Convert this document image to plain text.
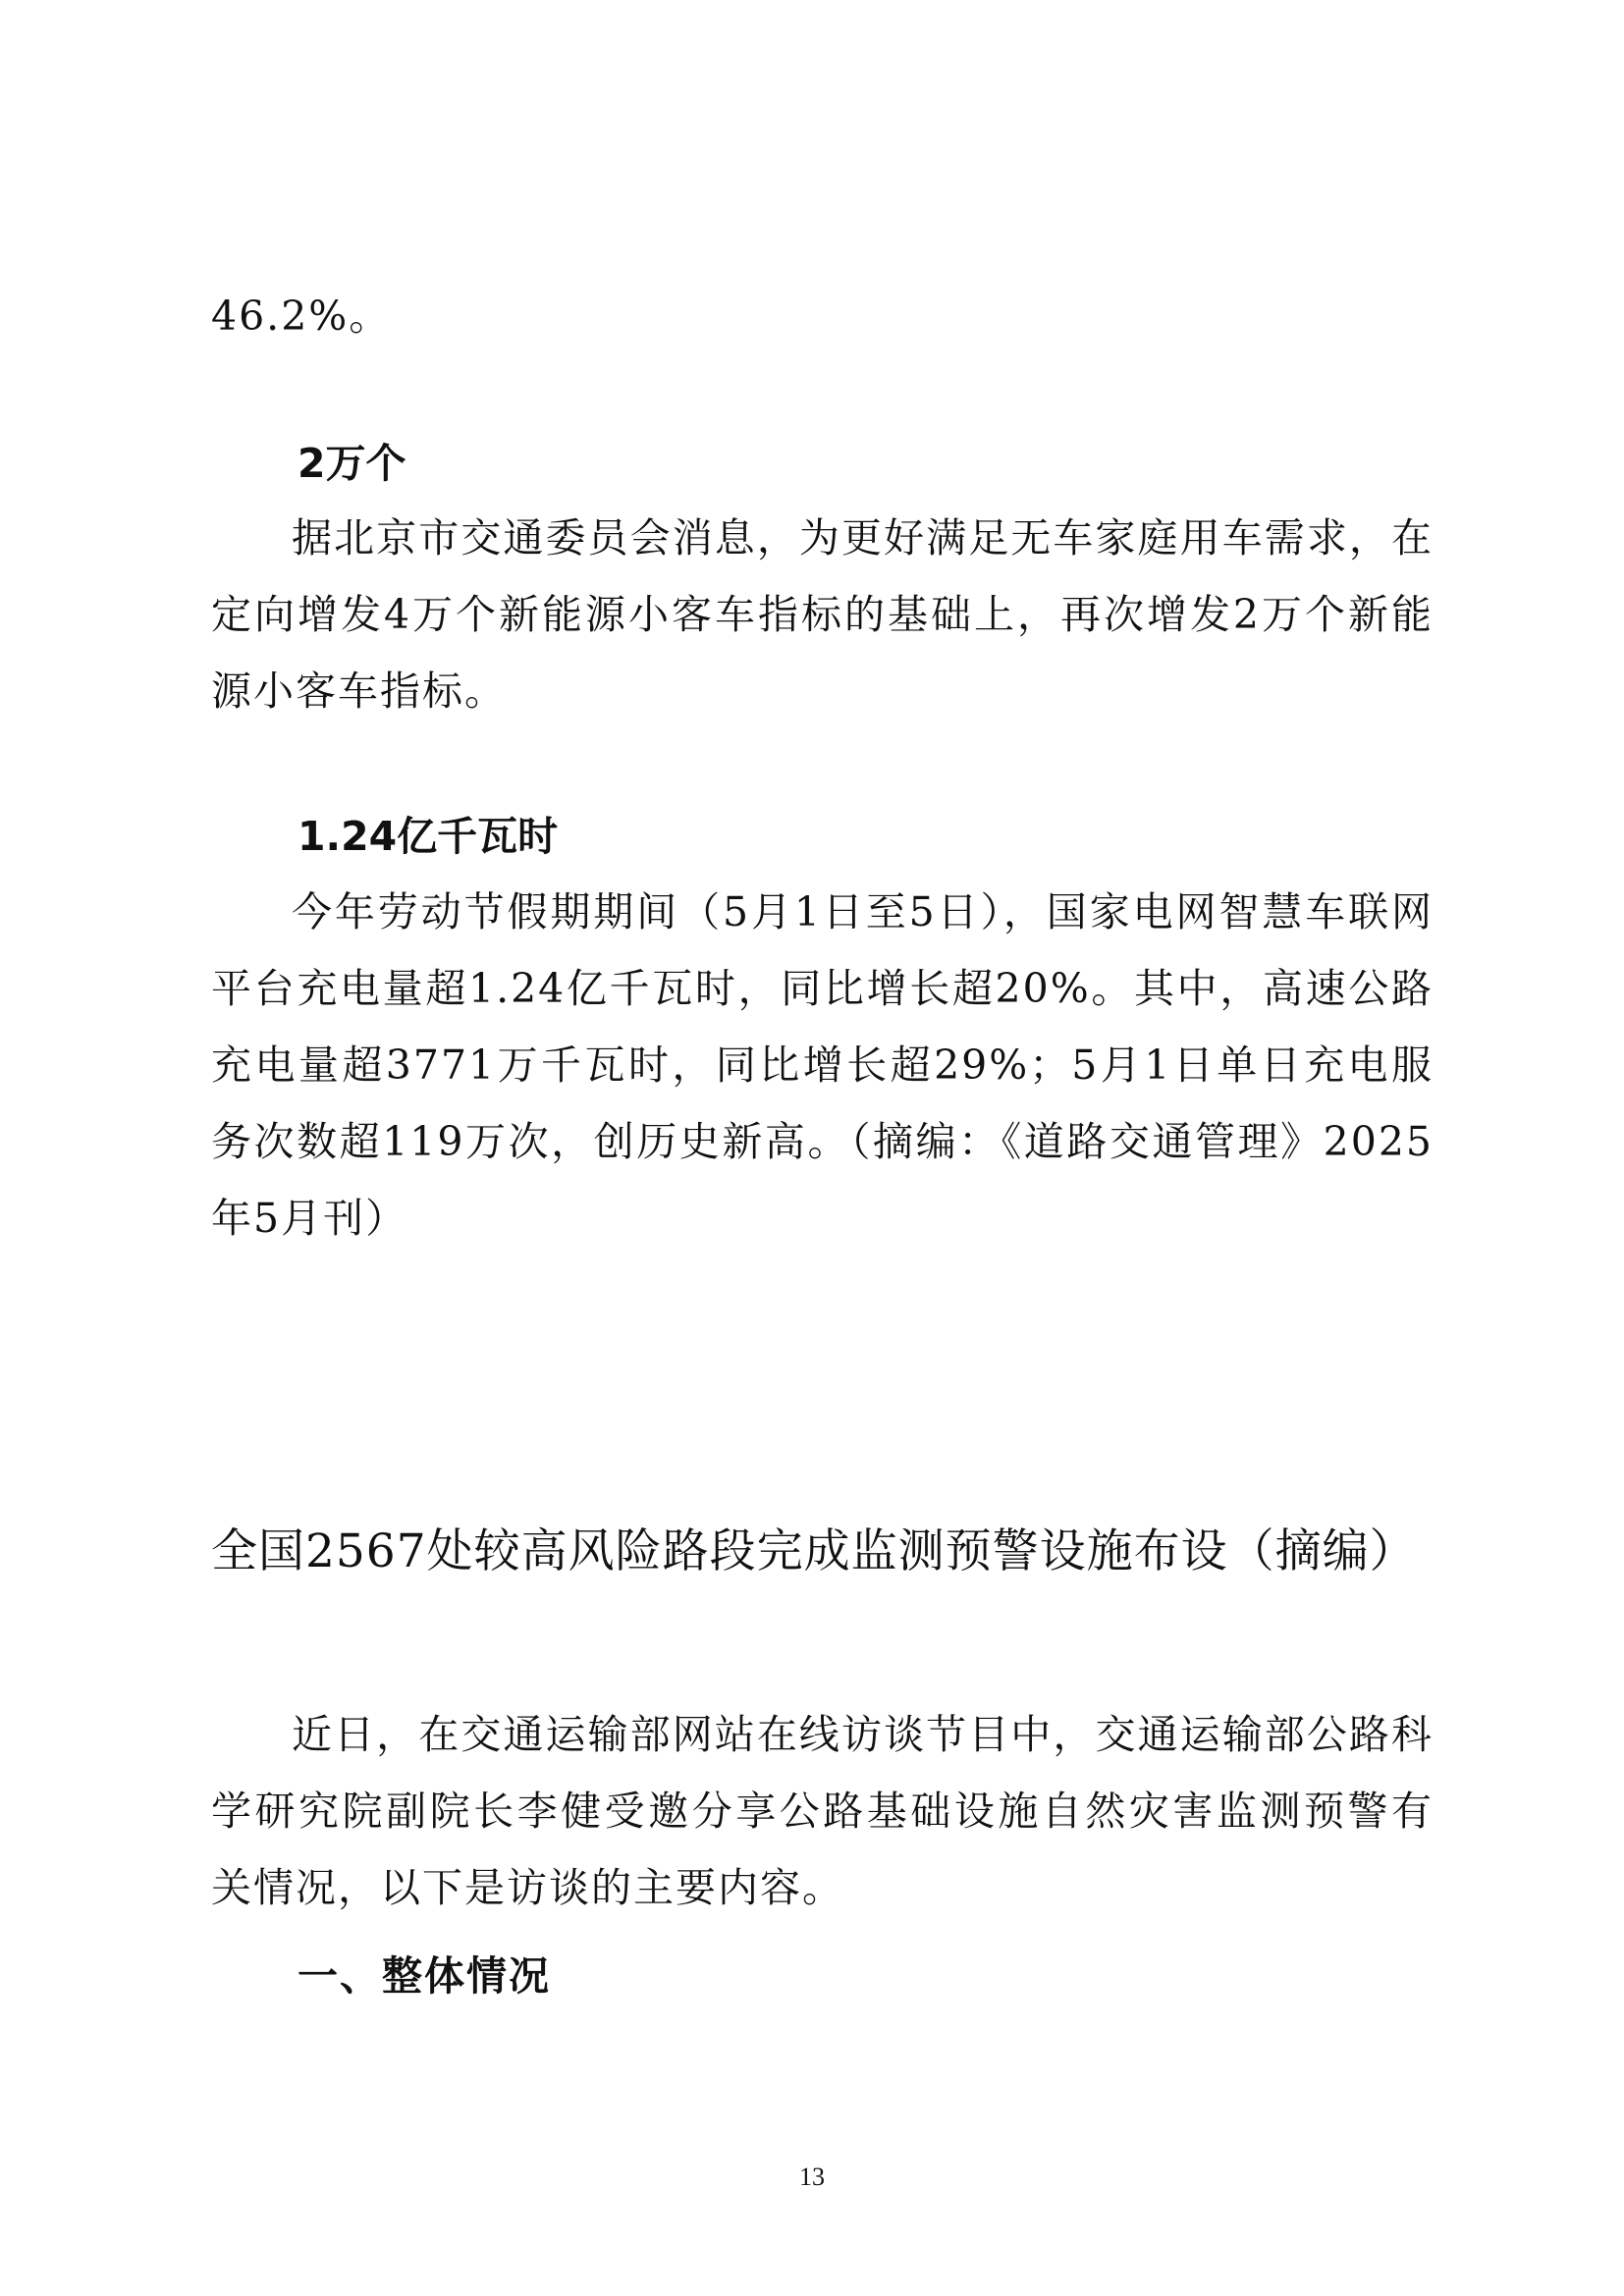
46.2%。

2万个

据北京市交通委员会消息，为更好满足无车家庭用车需求，在定向增发4万个新能源小客车指标的基础上，再次增发2万个新能源小客车指标。

1.24亿千瓦时

今年劳动节假期期间（5月1日至5日），国家电网智慧车联网平台充电量超1.24亿千瓦时，同比增长超20%。其中，高速公路充电量超3771万千瓦时，同比增长超29%；5月1日单日充电服务次数超119万次，创历史新高。（摘编：《道路交通管理》2025年5月刊）

全国2567处较高风险路段完成监测预警设施布设（摘编）

近日，在交通运输部网站在线访谈节目中，交通运输部公路科学研究院副院长李健受邀分享公路基础设施自然灾害监测预警有关情况，以下是访谈的主要内容。

一、整体情况

13
